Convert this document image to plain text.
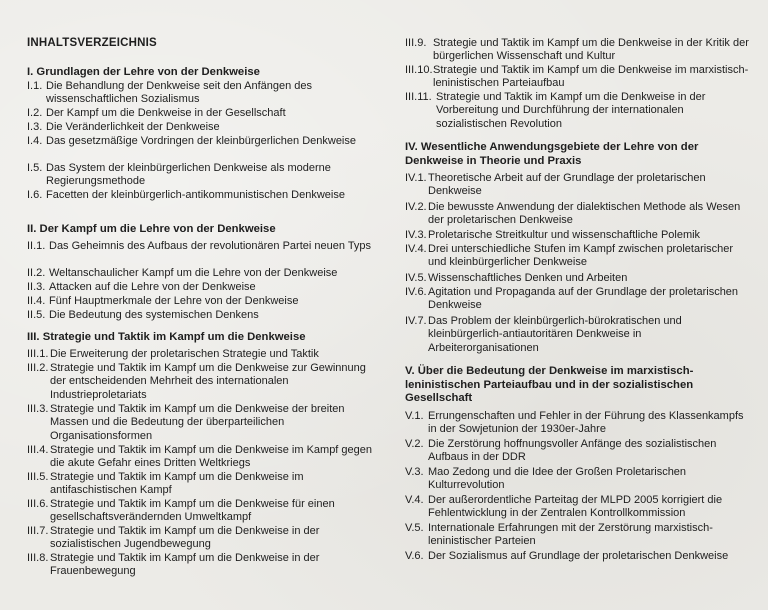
INHALTSVERZEICHNIS
I. Grundlagen der Lehre von der Denkweise
I.1. Die Behandlung der Denkweise seit den Anfängen des wissenschaftlichen Sozialismus
I.2. Der Kampf um die Denkweise in der Gesellschaft
I.3. Die Veränderlichkeit der Denkweise
I.4. Das gesetzmäßige Vordringen der kleinbürgerlichen Denkweise
I.5. Das System der kleinbürgerlichen Denkweise als moderne Regierungsmethode
I.6. Facetten der kleinbürgerlich-antikommunistischen Denkweise
II. Der Kampf um die Lehre von der Denkweise
II.1. Das Geheimnis des Aufbaus der revolutionären Partei neuen Typs
II.2. Weltanschaulicher Kampf um die Lehre von der Denkweise
II.3. Attacken auf die Lehre von der Denkweise
II.4. Fünf Hauptmerkmale der Lehre von der Denkweise
II.5. Die Bedeutung des systemischen Denkens
III. Strategie und Taktik im Kampf um die Denkweise
III.1. Die Erweiterung der proletarischen Strategie und Taktik
III.2. Strategie und Taktik im Kampf um die Denkweise zur Gewinnung der entscheidenden Mehrheit des internationalen Industrieproletariats
III.3. Strategie und Taktik im Kampf um die Denkweise der breiten Massen und die Bedeutung der überparteilichen Organisationsformen
III.4. Strategie und Taktik im Kampf um die Denkweise im Kampf gegen die akute Gefahr eines Dritten Weltkriegs
III.5. Strategie und Taktik im Kampf um die Denkweise im antifaschistischen Kampf
III.6. Strategie und Taktik im Kampf um die Denkweise für einen gesellschaftsverändernden Umweltkampf
III.7. Strategie und Taktik im Kampf um die Denkweise in der sozialistischen Jugendbewegung
III.8. Strategie und Taktik im Kampf um die Denkweise in der Frauenbewegung
III.9. Strategie und Taktik im Kampf um die Denkweise in der Kritik der bürgerlichen Wissenschaft und Kultur
III.10. Strategie und Taktik im Kampf um die Denkweise im marxistisch-leninistischen Parteiaufbau
III.11. Strategie und Taktik im Kampf um die Denkweise in der Vorbereitung und Durchführung der internationalen sozialistischen Revolution
IV. Wesentliche Anwendungsgebiete der Lehre von der Denkweise in Theorie und Praxis
IV.1. Theoretische Arbeit auf der Grundlage der proletarischen Denkweise
IV.2. Die bewusste Anwendung der dialektischen Methode als Wesen der proletarischen Denkweise
IV.3. Proletarische Streitkultur und wissenschaftliche Polemik
IV.4. Drei unterschiedliche Stufen im Kampf zwischen proletarischer und kleinbürgerlicher Denkweise
IV.5. Wissenschaftliches Denken und Arbeiten
IV.6. Agitation und Propaganda auf der Grundlage der proletarischen Denkweise
IV.7. Das Problem der kleinbürgerlich-bürokratischen und kleinbürgerlich-antiautoritären Denkweise in Arbeiterorganisationen
V. Über die Bedeutung der Denkweise im marxistisch-leninistischen Parteiaufbau und in der sozialistischen Gesellschaft
V.1. Errungenschaften und Fehler in der Führung des Klassenkampfs in der Sowjetunion der 1930er-Jahre
V.2. Die Zerstörung hoffnungsvoller Anfänge des sozialistischen Aufbaus in der DDR
V.3. Mao Zedong und die Idee der Großen Proletarischen Kulturrevolution
V.4. Der außerordentliche Parteitag der MLPD 2005 korrigiert die Fehlentwicklung in der Zentralen Kontrollkommission
V.5. Internationale Erfahrungen mit der Zerstörung marxistisch-leninistischer Parteien
V.6. Der Sozialismus auf Grundlage der proletarischen Denkweise
